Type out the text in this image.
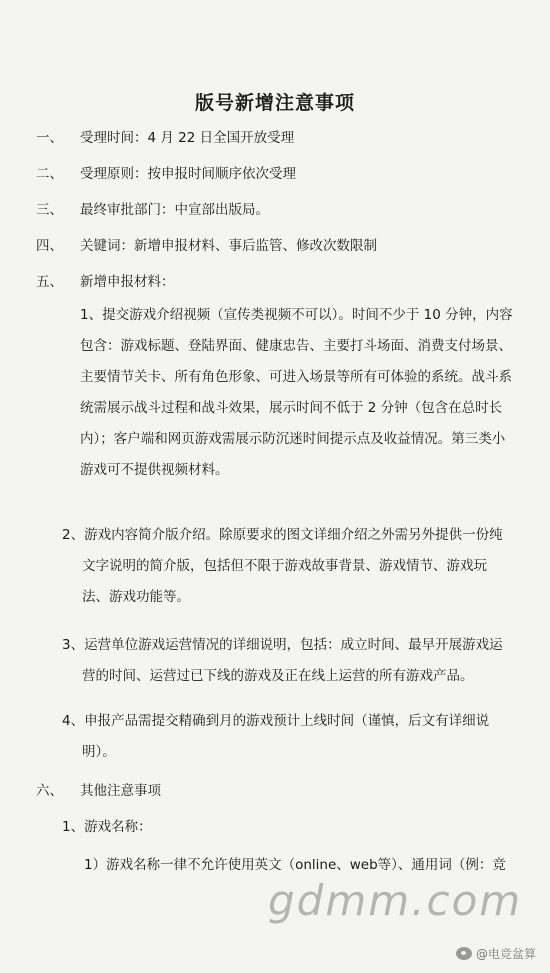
版号新增注意事项
一、 受理时间：4 月 22 日全国开放受理
二、 受理原则：按申报时间顺序依次受理
三、 最终审批部门：中宣部出版局。
四、 关键词：新增申报材料、事后监管、修改次数限制
五、 新增申报材料：
1、提交游戏介绍视频（宣传类视频不可以）。时间不少于 10 分钟，内容
包含：游戏标题、登陆界面、健康忠告、主要打斗场面、消费支付场景、
主要情节关卡、所有角色形象、可进入场景等所有可体验的系统。战斗系
统需展示战斗过程和战斗效果，展示时间不低于 2 分钟（包含在总时长
内）；客户端和网页游戏需展示防沉迷时间提示点及收益情况。第三类小
游戏可不提供视频材料。
2、游戏内容简介版介绍。除原要求的图文详细介绍之外需另外提供一份纯
文字说明的简介版，包括但不限于游戏故事背景、游戏情节、游戏玩
法、游戏功能等。
3、运营单位游戏运营情况的详细说明，包括：成立时间、最早开展游戏运
营的时间、运营过已下线的游戏及正在线上运营的所有游戏产品。
4、申报产品需提交精确到月的游戏预计上线时间（谨慎，后文有详细说
明）。
六、 其他注意事项
1、游戏名称：
1）游戏名称一律不允许使用英文（online、web等）、通用词（例：竞
gdmm.com
@电竞盆算
